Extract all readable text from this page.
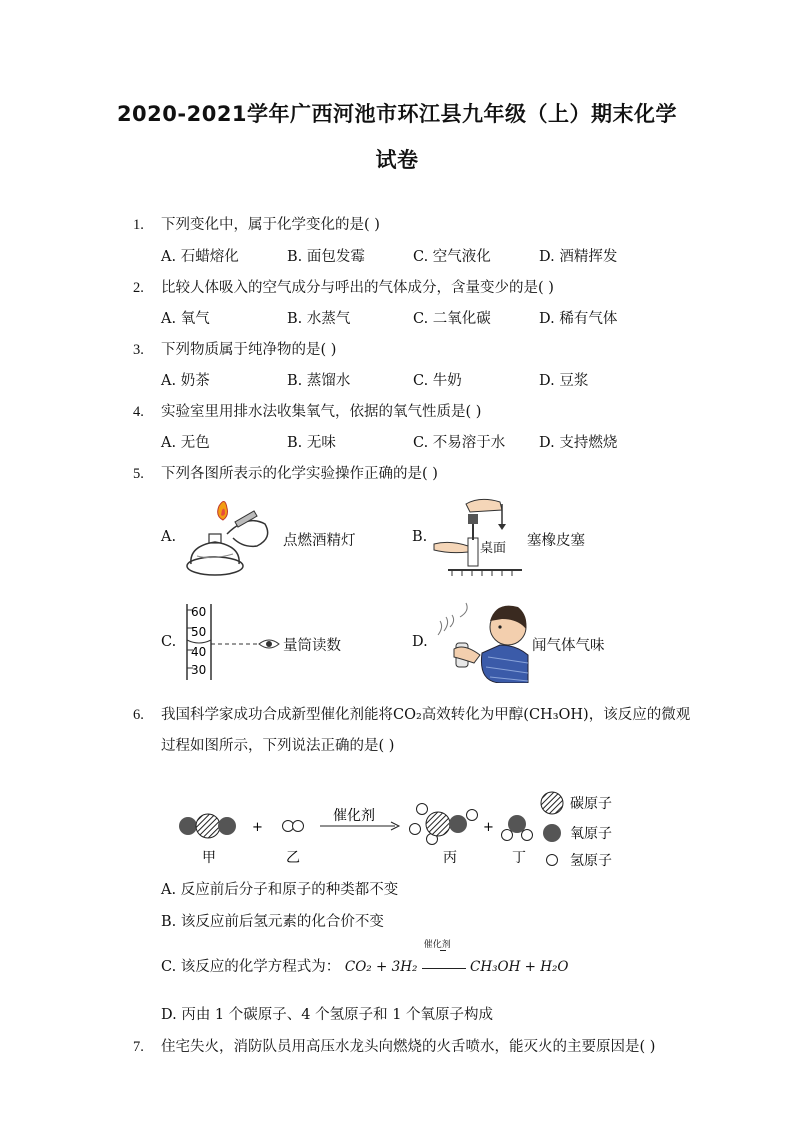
2020-2021学年广西河池市环江县九年级（上）期末化学
试卷
1. 下列变化中，属于化学变化的是( )
A. 石蜡熔化	B. 面包发霉	C. 空气液化	D. 酒精挥发
2. 比较人体吸入的空气成分与呼出的气体成分，含量变少的是( )
A. 氧气	B. 水蒸气	C. 二氧化碳	D. 稀有气体
3. 下列物质属于纯净物的是( )
A. 奶茶	B. 蒸馏水	C. 牛奶	D. 豆浆
4. 实验室里用排水法收集氧气，依据的氧气性质是( )
A. 无色	B. 无味	C. 不易溶于水	D. 支持燃烧
5. 下列各图所表示的化学实验操作正确的是( )
A.	点燃酒精灯	B.
桌面 塞橡皮塞
C.
60
50
40
30
量筒读数	D.	闻气体气味
6. 我国科学家成功合成新型催化剂能将CO₂高效转化为甲醇(CH₃OH)，该反应的微观
过程如图所示，下列说法正确的是( )
+
催化剂
+
甲	乙	丙	丁
碳原子
氧原子
氢原子
A. 反应前后分子和原子的种类都不变
B. 该反应前后氢元素的化合价不变
C. 该反应的化学方程式为： CO₂ + 3H₂
催化剂
CH₃OH + H₂O
D. 丙由 1 个碳原子、4 个氢原子和 1 个氧原子构成
7. 住宅失火，消防队员用高压水龙头向燃烧的火舌喷水，能灭火的主要原因是( )
